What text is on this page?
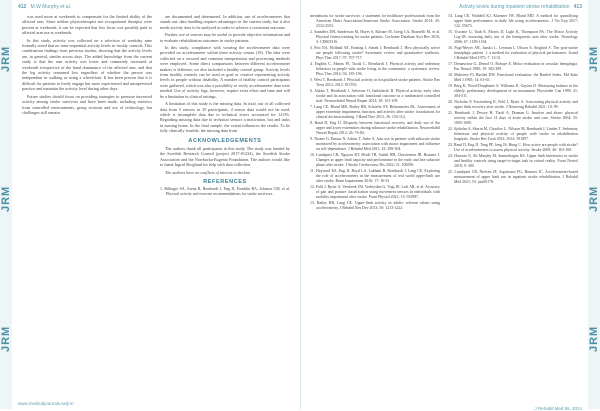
412 M.W Murphy et al.

was used more at weekends to compensate for the limited ability of the affected arm. Since neither physiotherapist nor occupational therapist were present at weekends, it can be expected that less focus was possibly paid to affected arm use at weekends.

In this study, activity was collected on a selection of weekday nine formally noted that no intra-sequential activity levels in faculty controls. This combination findings from previous studies, showing that the activity levels are, in general, similar across days. The added knowledge from the current study is that the arm activity was lower and commonly increased at weekends irrespective of the hand dominance of the affected arm, and that the leg activity remained low regardless of whether the person was independent in walking or using a wheelchair. It has been proven that it is difficult for patients to freely engage but more experienced and unsupervised practice and maintain the activity level during other days.

Future studies should focus on providing strategies to promote increased activity among stroke survivors and have been made, including statistics from controlled environments, group sessions and use of technology, but challenges still remain.

are documented and determined. In addition, use of accelerometers that stands out: data handling requires advantages in the current study, but it also needs activity data to be analysed in order to achieve a consistent outcome.

Further, use of sensors may be useful to provide objective information and to evaluate rehabilitation outcomes in stroke patients.

In this study, compliance with wearing the accelerometer data were provided on accelerometer within three activity counts (18). The data were collected on a secured and common interpretation and processing methods were employed. Some direct comparisons between different accelerometer makers is different; we also included a healthy control group. Activity levels from healthy controls can be used as goal or creative representing activity levels in people without disability. A number of healthy control participants were gathered, which was also a possibility to verify accelerometer data were needed. Use of activity logs, however, require extra effort and time and will be a limitation in clinical settings.

A limitation of this study is the missing data. In total, out of all collected data from 5 sensors in 35 participants, 4 sensor data would not be used, which is incomplete data due to technical errors accounted for 12.0%. Regarding missing data due to technical sensors a motivation, but and tasks in nursing home. In the final sample, the extent influences the results. To be fully clinically feasible, the missing data from

ACKNOWLEDGEMENTS

The authors thank all participants in this study. The study was funded by the Swedish Research Council (project 2017-01234), the Swedish Stroke Association and the Norrbacka-Eugenia Foundation. The authors would like to thank Ingrid Skoglund for help with data collection.

The authors have no conflicts of interest to declare.

REFERENCES

1. Billinger SA, Arena R, Bernhardt J, Eng JJ, Franklin BA, Johnson CM, et al. Physical activity and exercise recommendations for stroke survivors.

www.medicaljournals.se/jrm
Activity levels during inpatient stroke rehabilitation 413

mendations for stroke survivors: a statement for healthcare professionals from the American Heart Association/American Stroke Association. Stroke 2014; 45: 2532-2553.

2. Saunders DH, Sanderson M, Hayes S, Kilrane M, Greig CA, Brazzelli M, et al. Physical fitness training for stroke patients. Cochrane Database Syst Rev 2016; 3: CD003316.

3. Fini NA, Holland AE, Keating J, Simek J, Bernhardt J. How physically active are people following stroke? Systematic review and quantitative synthesis. Phys Ther 2017; 97: 707-717.

4. English C, Manns PJ, Tucak C, Bernhardt J. Physical activity and sedentary behaviors in people with stroke living in the community: a systematic review. Phys Ther 2014; 94: 185-196.

5. West T, Bernhardt J. Physical activity in hospitalised stroke patients. Stroke Res Treat 2012; 2012: 813765.

6. Askim T, Bernhardt J, Salvesen O, Indredavik B. Physical activity early after stroke and its association with functional outcome in a randomized controlled trial. Neurorehabil Neural Repair 2014; 28: 101-109.

7. Lang CE, Bland MD, Bailey RR, Schaefer SY, Birkenmeier RL. Assessment of upper extremity impairment, function, and activity after stroke: foundations for clinical decision making. J Hand Ther 2013; 26: 104-114.

8. Rand D, Eng JJ. Disparity between functional recovery and daily use of the upper and lower extremities during subacute stroke rehabilitation. Neurorehabil Neural Repair 2012; 26: 76-84.

9. Thrane G, Emaus N, Askim T, Anke A. Arm use in patients with subacute stroke monitored by accelerometry: association with motor impairment and influence on self-dependence. J Rehabil Med 2011; 43: 299-304.

10. Lundquist CB, Nguyen BT, Hvidt TB, Stabel HH, Christensen JR, Brunner I. Changes in upper limb capacity and performance in the early and late subacute phase after stroke. J Stroke Cerebrovasc Dis 2022; 31: 106590.

11. Hayward KS, Eng JJ, Boyd LA, Lakhani B, Bernhardt J, Lang CE. Exploring the role of accelerometers in the measurement of real world upper-limb use after stroke. Brain Impairment 2016; 17: 16-33.

12. Pohl J, Ryser A, Veerbeek JM, Verheyden G, Vogt JE, Luft AR, et al. Accuracy of gait and posture classification using movement sensors in individuals with mobility impairment after stroke. Front Physiol 2022; 13: 933987.

13. Bailey RR, Lang CE. Upper-limb activity in adults: referent values using accelerometry. J Rehabil Res Dev 2013; 50: 1213-1222.

14. Lang CE, Waddell KJ, Klaesner JW, Bland MD. A method for quantifying upper limb performance in daily life using accelerometers. J Vis Exp 2017; 122: 55673.

15. Uswatte G, Taub E, Morris D, Light K, Thompson PA. The Motor Activity Log-28: assessing daily use of the hemiparetic arm after stroke. Neurology 2006; 67: 1189-1194.

16. Fugl-Meyer AR, Jaasko L, Leyman I, Olsson S, Steglind S. The post-stroke hemiplegic patient. 1. a method for evaluation of physical performance. Scand J Rehabil Med 1975; 7: 13-31.

17. Demeurisse G, Demol O, Robaye E. Motor evaluation in vascular hemiplegia. Eur Neurol 1980; 19: 382-389.

18. Mahoney FI, Barthel DW. Functional evaluation: the Barthel Index. Md State Med J 1965; 14: 61-65.

19. Berg K, Wood-Dauphinee S, Williams JI, Gayton D. Measuring balance in the elderly: preliminary development of an instrument. Physiother Can 1989; 41: 304-311.

20. Nicholas P, Tractenberg K, Pohl J, Ryser A. Associating physical activity and upper limb recovery after stroke. J Neuroeng Rehabil 2021; 18: 99.

21. Bernhardt J, Dewey H, Thrift A, Donnan G. Inactive and alone: physical activity within the first 14 days of acute stroke unit care. Stroke 2004; 35: 1005-1009.

22. Sjoholm A, Skarin M, Churilov L, Nilsson M, Bernhardt J, Linden T. Sedentary behaviour and physical activity of people with stroke in rehabilitation hospitals. Stroke Res Treat 2014; 2014: 591897.

23. Rand D, Eng JJ, Tang PF, Jeng JS, Hung C. How active are people with stroke? Use of accelerometers to assess physical activity. Stroke 2009; 40: 163-168.

24. Hussain N, Alt Murphy M, Sunnerhagen KS. Upper limb kinematics in stroke and healthy controls using target-to-target task in virtual reality. Front Neurol 2018; 9: 300.

25. Lundquist CB, Nielsen JF, Arguissain FG, Brunner IC. Accelerometer-based measurement of upper limb use in inpatient stroke rehabilitation. J Rehabil Med 2021; 53: jrm00178.

J Rehabil Med 56, 2024
